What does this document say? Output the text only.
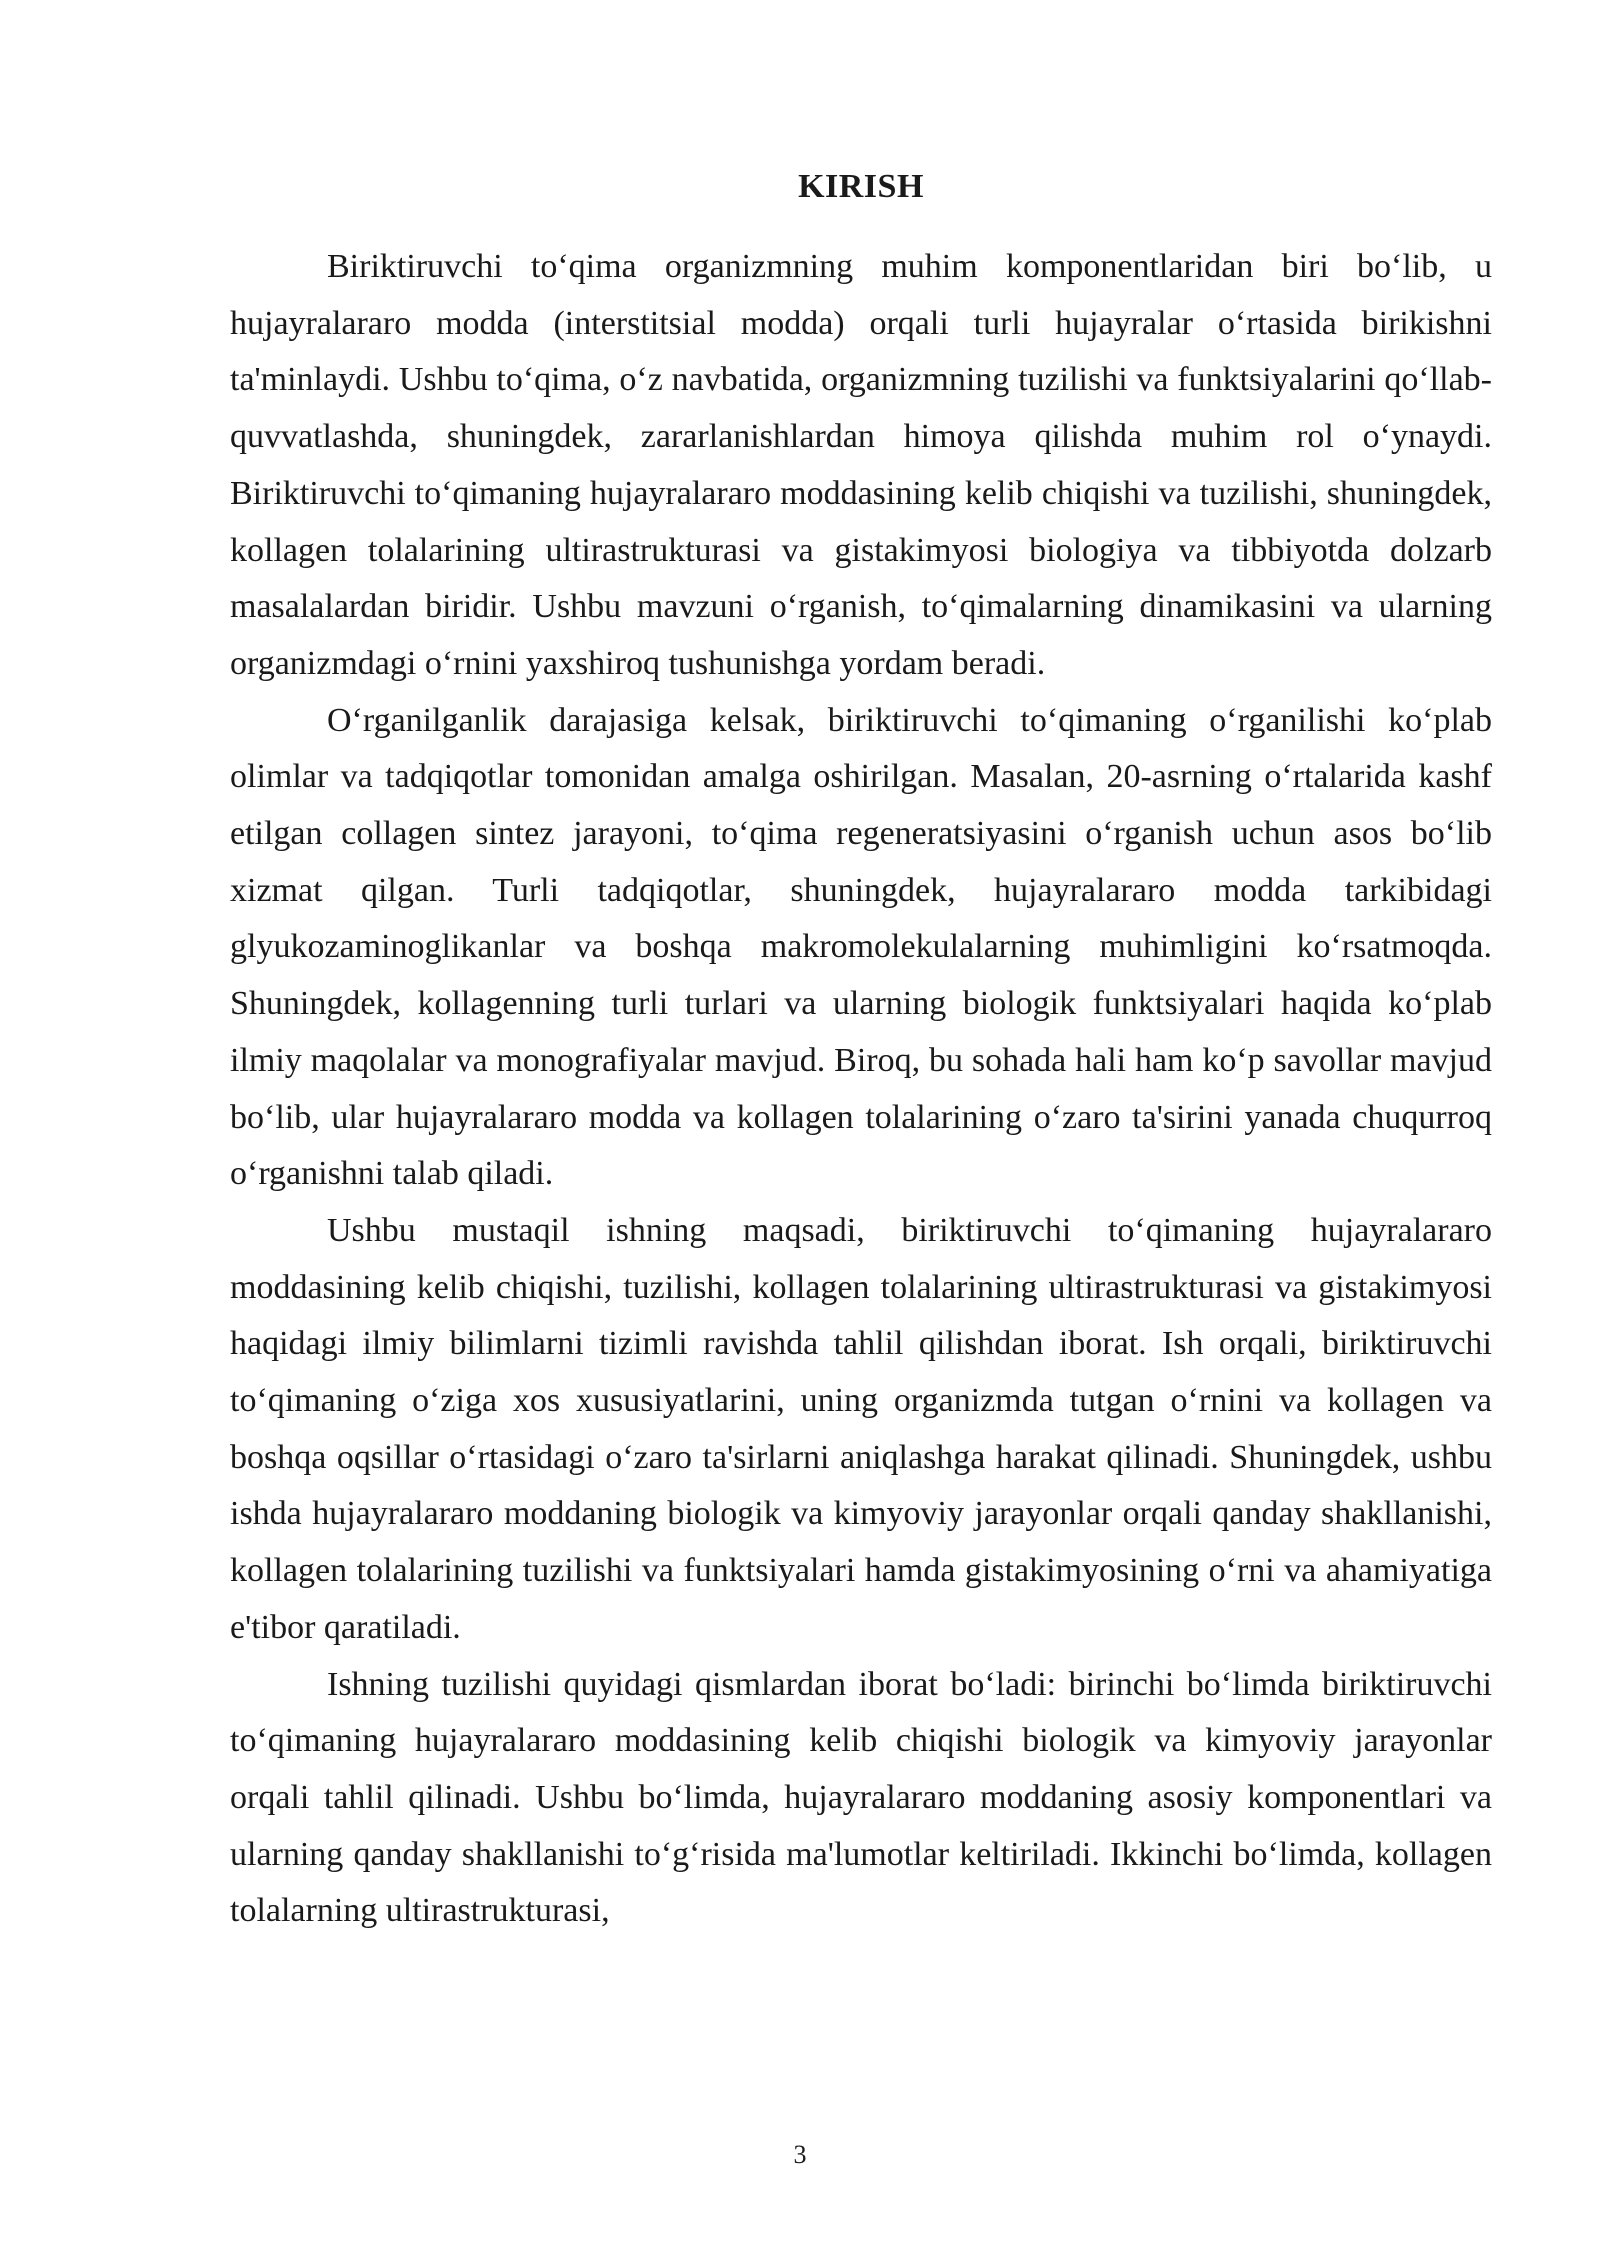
KIRISH

Biriktiruvchi to‘qima organizmning muhim komponentlaridan biri bo‘lib, u hujayralararo modda (interstitsial modda) orqali turli hujayralar o‘rtasida birikishni ta'minlaydi. Ushbu to‘qima, o‘z navbatida, organizmning tuzilishi va funktsiyalarini qo‘llab-quvvatlashda, shuningdek, zararlanishlardan himoya qilishda muhim rol o‘ynaydi. Biriktiruvchi to‘qimaning hujayralararo moddasining kelib chiqishi va tuzilishi, shuningdek, kollagen tolalarining ultirastrukturasi va gistakimyosi biologiya va tibbiyotda dolzarb masalalardan biridir. Ushbu mavzuni o‘rganish, to‘qimalarning dinamikasini va ularning organizmdagi o‘rnini yaxshiroq tushunishga yordam beradi.

O‘rganilganlik darajasiga kelsak, biriktiruvchi to‘qimaning o‘rganilishi ko‘plab olimlar va tadqiqotlar tomonidan amalga oshirilgan. Masalan, 20-asrning o‘rtalarida kashf etilgan collagen sintez jarayoni, to‘qima regeneratsiyasini o‘rganish uchun asos bo‘lib xizmat qilgan. Turli tadqiqotlar, shuningdek, hujayralararo modda tarkibidagi glyukozaminoglikanlar va boshqa makromolekulalarning muhimligini ko‘rsatmoqda. Shuningdek, kollagenning turli turlari va ularning biologik funktsiyalari haqida ko‘plab ilmiy maqolalar va monografiyalar mavjud. Biroq, bu sohada hali ham ko‘p savollar mavjud bo‘lib, ular hujayralararo modda va kollagen tolalarining o‘zaro ta'sirini yanada chuqurroq o‘rganishni talab qiladi.

Ushbu mustaqil ishning maqsadi, biriktiruvchi to‘qimaning hujayralararo moddasining kelib chiqishi, tuzilishi, kollagen tolalarining ultirastrukturasi va gistakimyosi haqidagi ilmiy bilimlarni tizimli ravishda tahlil qilishdan iborat. Ish orqali, biriktiruvchi to‘qimaning o‘ziga xos xususiyatlarini, uning organizmda tutgan o‘rnini va kollagen va boshqa oqsillar o‘rtasidagi o‘zaro ta'sirlarni aniqlashga harakat qilinadi. Shuningdek, ushbu ishda hujayralararo moddaning biologik va kimyoviy jarayonlar orqali qanday shakllanishi, kollagen tolalarining tuzilishi va funktsiyalari hamda gistakimyosining o‘rni va ahamiyatiga e'tibor qaratiladi.

Ishning tuzilishi quyidagi qismlardan iborat bo‘ladi: birinchi bo‘limda biriktiruvchi to‘qimaning hujayralararo moddasining kelib chiqishi biologik va kimyoviy jarayonlar orqali tahlil qilinadi. Ushbu bo‘limda, hujayralararo moddaning asosiy komponentlari va ularning qanday shakllanishi to‘g‘risida ma'lumotlar keltiriladi. Ikkinchi bo‘limda, kollagen tolalarning ultirastrukturasi,

3
